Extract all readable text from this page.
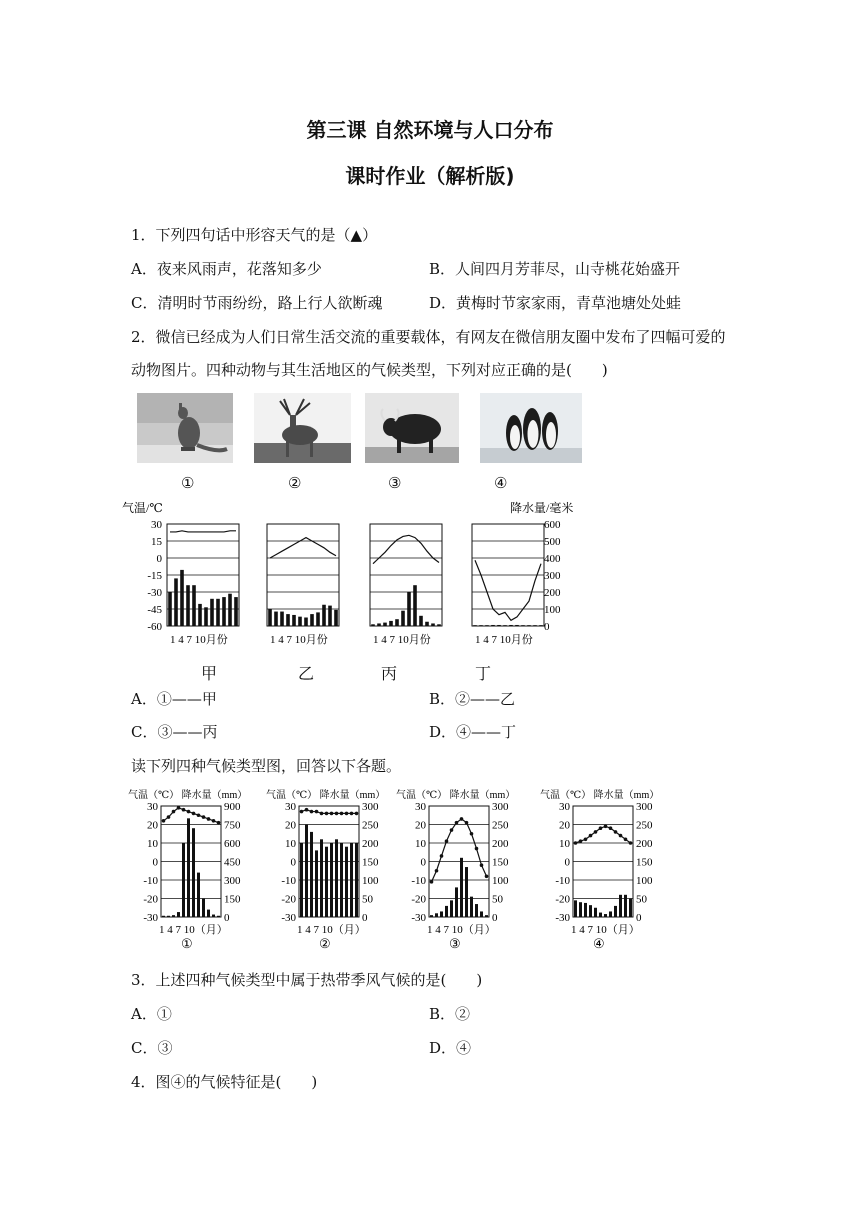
第三课 自然环境与人口分布
课时作业（解析版)
1．下列四句话中形容天气的是（▲）
A．夜来风雨声，花落知多少	B．人间四月芳菲尽，山寺桃花始盛开
C．清明时节雨纷纷，路上行人欲断魂	D．黄梅时节家家雨，青草池塘处处蛙
2．微信已经成为人们日常生活交流的重要载体，有网友在微信朋友圈中发布了四幅可爱的
动物图片。四种动物与其生活地区的气候类型，下列对应正确的是(　　)
①	②	③	④
气温/℃	降水量/毫米
30
15
0
-15
-30
-45
-60
600
500
400
300
200
100
0
1 4 7 10月份	1 4 7 10月份	1 4 7 10月份	1 4 7 10月份
甲	乙	丙	丁
A．①——甲	B．②——乙
C．③——丙	D．④——丁
读下列四种气候类型图，回答以下各题。
气温（℃） 降水量（mm）
30
20
10
0
-10
-20
-30
900
750
600
450
300
150
0
1 4 7 10（月）
①
气温（℃） 降水量（mm）
30
20
10
0
-10
-20
-30
300
250
200
150
100
50
0
1 4 7 10（月）
②
气温（℃） 降水量（mm）
30
20
10
0
-10
-20
-30
300
250
200
150
100
50
0
1 4 7 10（月）
③
气温（℃） 降水量（mm）
30
20
10
0
-10
-20
-30
300
250
200
150
100
50
0
1 4 7 10（月）
④
3．上述四种气候类型中属于热带季风气候的是(　　)
A．①	B．②
C．③	D．④
4．图④的气候特征是(　　)
